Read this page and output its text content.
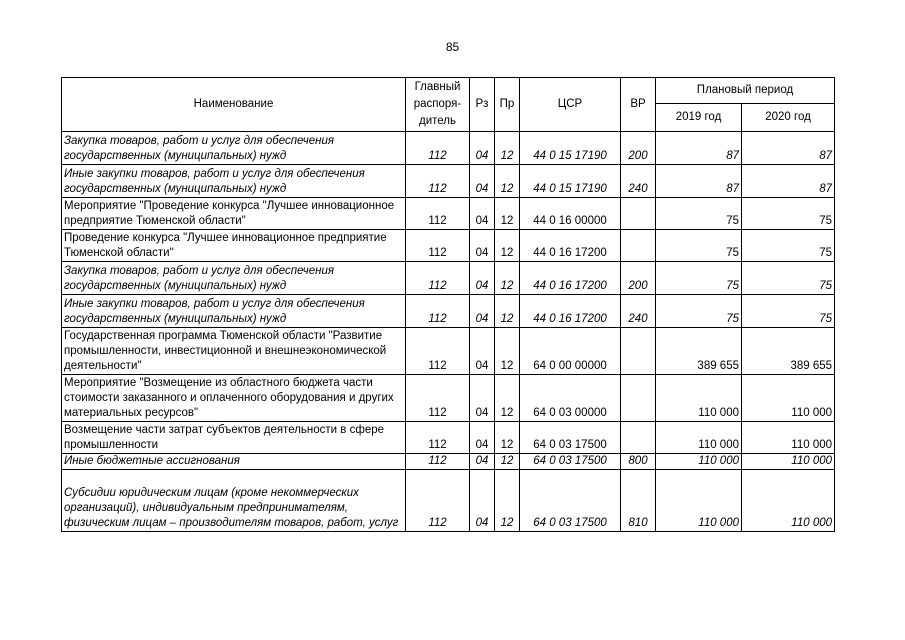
85
Наименование	Главный распоря-дитель	Рз	Пр	ЦСР	ВР	Плановый период	
						2019 год	2020 год
Закупка товаров, работ и услуг для обеспечения государственных (муниципальных) нужд	112	04	12	44 0 15 17190	200	87	87
Иные закупки товаров, работ и услуг для обеспечения государственных (муниципальных) нужд	112	04	12	44 0 15 17190	240	87	87
Мероприятие "Проведение конкурса "Лучшее инновационное предприятие Тюменской области"	112	04	12	44 0 16 00000		75	75
Проведение конкурса "Лучшее инновационное предприятие Тюменской области"	112	04	12	44 0 16 17200		75	75
Закупка товаров, работ и услуг для обеспечения государственных (муниципальных) нужд	112	04	12	44 0 16 17200	200	75	75
Иные закупки товаров, работ и услуг для обеспечения государственных (муниципальных) нужд	112	04	12	44 0 16 17200	240	75	75
Государственная программа Тюменской области "Развитие промышленности, инвестиционной и внешнеэкономической деятельности"	112	04	12	64 0 00 00000		389 655	389 655
Мероприятие "Возмещение из областного бюджета части стоимости заказанного и оплаченного оборудования и других материальных ресурсов"	112	04	12	64 0 03 00000		110 000	110 000
Возмещение части затрат субъектов деятельности в сфере промышленности	112	04	12	64 0 03 17500		110 000	110 000
Иные бюджетные ассигнования	112	04	12	64 0 03 17500	800	110 000	110 000
Субсидии юридическим лицам (кроме некоммерческих организаций), индивидуальным предпринимателям, физическим лицам – производителям товаров, работ, услуг	112	04	12	64 0 03 17500	810	110 000	110 000
